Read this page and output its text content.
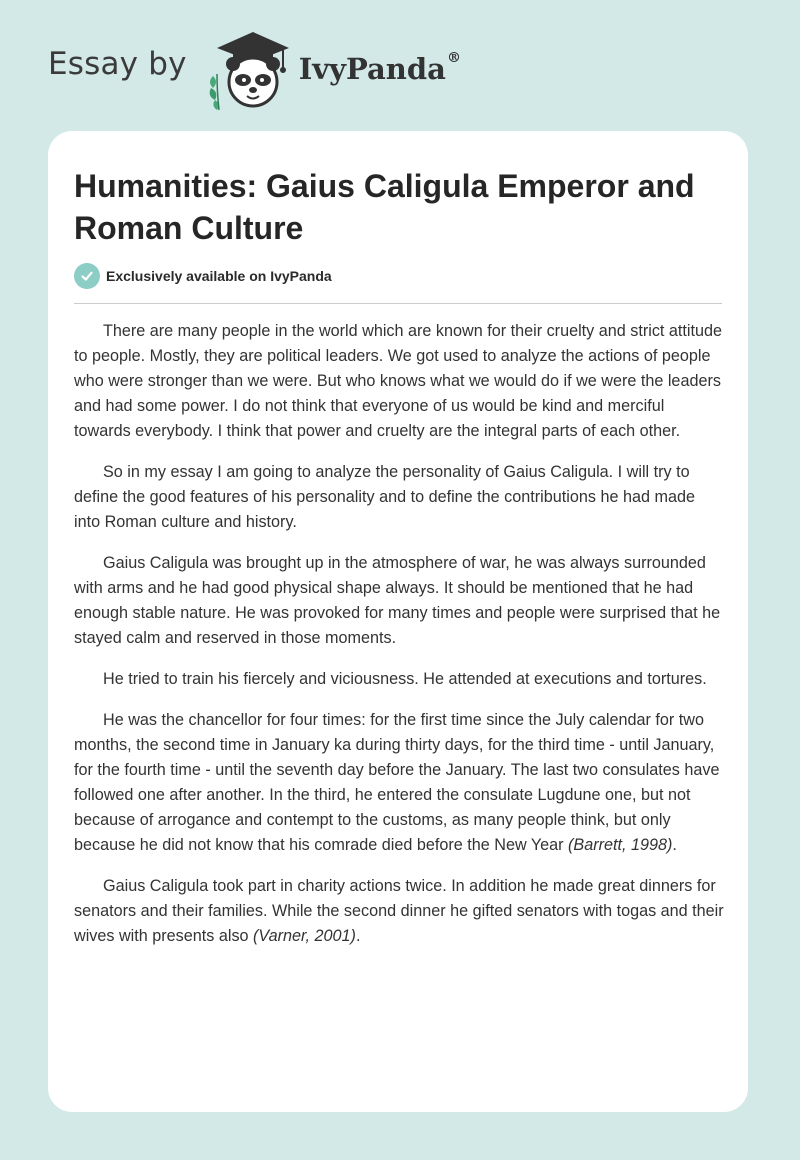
Essay by	IvyPanda®
Humanities: Gaius Caligula Emperor and Roman Culture
Exclusively available on IvyPanda

There are many people in the world which are known for their cruelty and strict attitude to people. Mostly, they are political leaders. We got used to analyze the actions of people who were stronger than we were. But who knows what we would do if we were the leaders and had some power. I do not think that everyone of us would be kind and merciful towards everybody. I think that power and cruelty are the integral parts of each other.

So in my essay I am going to analyze the personality of Gaius Caligula. I will try to define the good features of his personality and to define the contributions he had made into Roman culture and history.

Gaius Caligula was brought up in the atmosphere of war, he was always surrounded with arms and he had good physical shape always. It should be mentioned that he had enough stable nature. He was provoked for many times and people were surprised that he stayed calm and reserved in those moments.

He tried to train his fiercely and viciousness. He attended at executions and tortures.

He was the chancellor for four times: for the first time since the July calendar for two months, the second time in January ka during thirty days, for the third time - until January, for the fourth time - until the seventh day before the January. The last two consulates have followed one after another. In the third, he entered the consulate Lugdune one, but not because of arrogance and contempt to the customs, as many people think, but only because he did not know that his comrade died before the New Year (Barrett, 1998).

Gaius Caligula took part in charity actions twice. In addition he made great dinners for senators and their families. While the second dinner he gifted senators with togas and their wives with presents also (Varner, 2001).
